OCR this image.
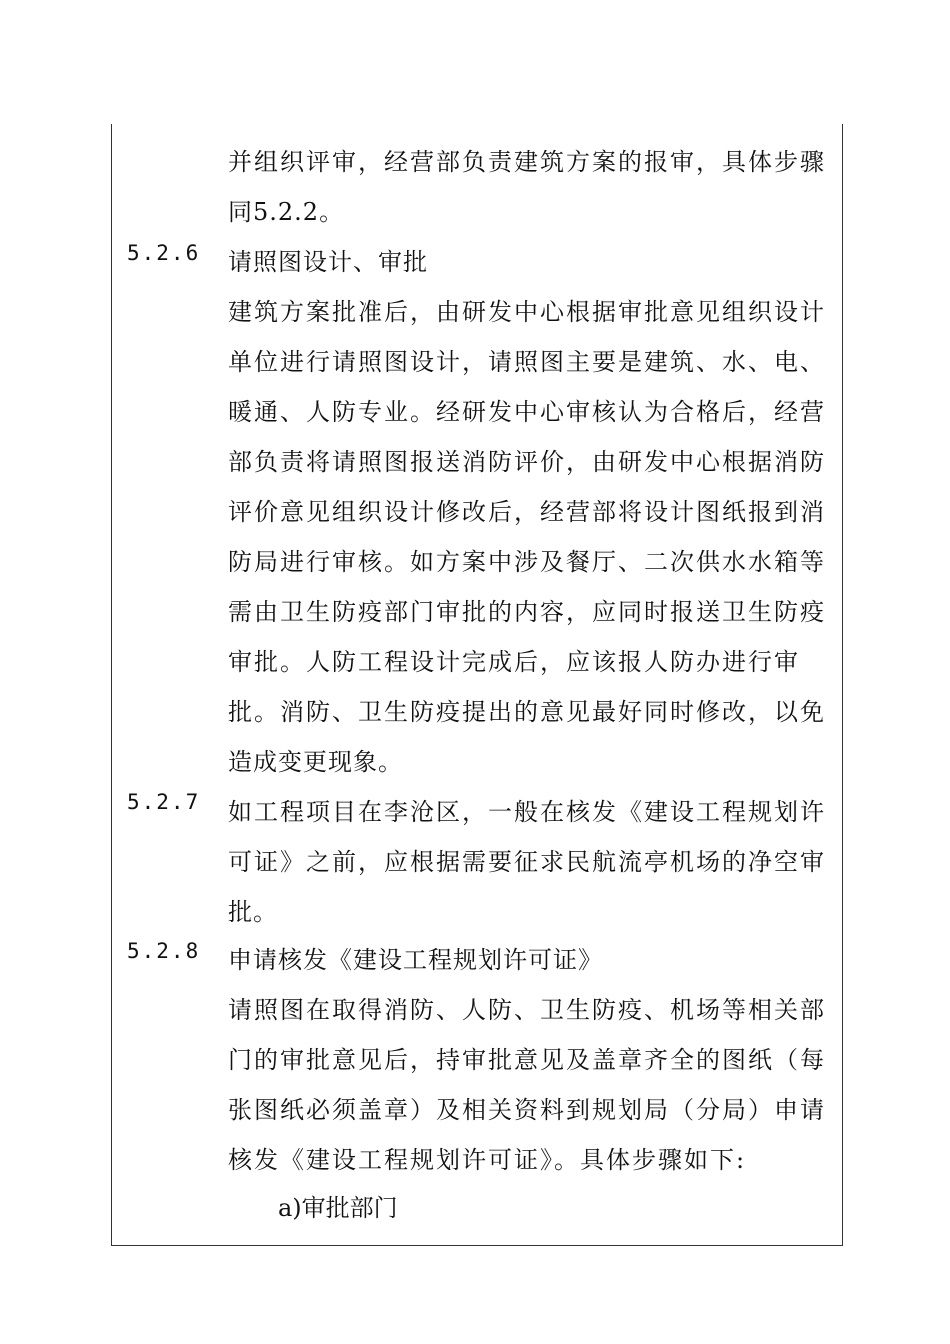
5.2.6
5.2.7
5.2.8
并组织评审，经营部负责建筑方案的报审，具体步骤
同5.2.2。
请照图设计、审批
建筑方案批准后，由研发中心根据审批意见组织设计
单位进行请照图设计，请照图主要是建筑、水、电、
暖通、人防专业。经研发中心审核认为合格后，经营
部负责将请照图报送消防评价，由研发中心根据消防
评价意见组织设计修改后，经营部将设计图纸报到消
防局进行审核。如方案中涉及餐厅、二次供水水箱等
需由卫生防疫部门审批的内容，应同时报送卫生防疫
审批。人防工程设计完成后，应该报人防办进行审
批。消防、卫生防疫提出的意见最好同时修改，以免
造成变更现象。
如工程项目在李沧区，一般在核发《建设工程规划许
可证》之前，应根据需要征求民航流亭机场的净空审
批。
申请核发《建设工程规划许可证》
请照图在取得消防、人防、卫生防疫、机场等相关部
门的审批意见后，持审批意见及盖章齐全的图纸（每
张图纸必须盖章）及相关资料到规划局（分局）申请
核发《建设工程规划许可证》。具体步骤如下:
a)审批部门
